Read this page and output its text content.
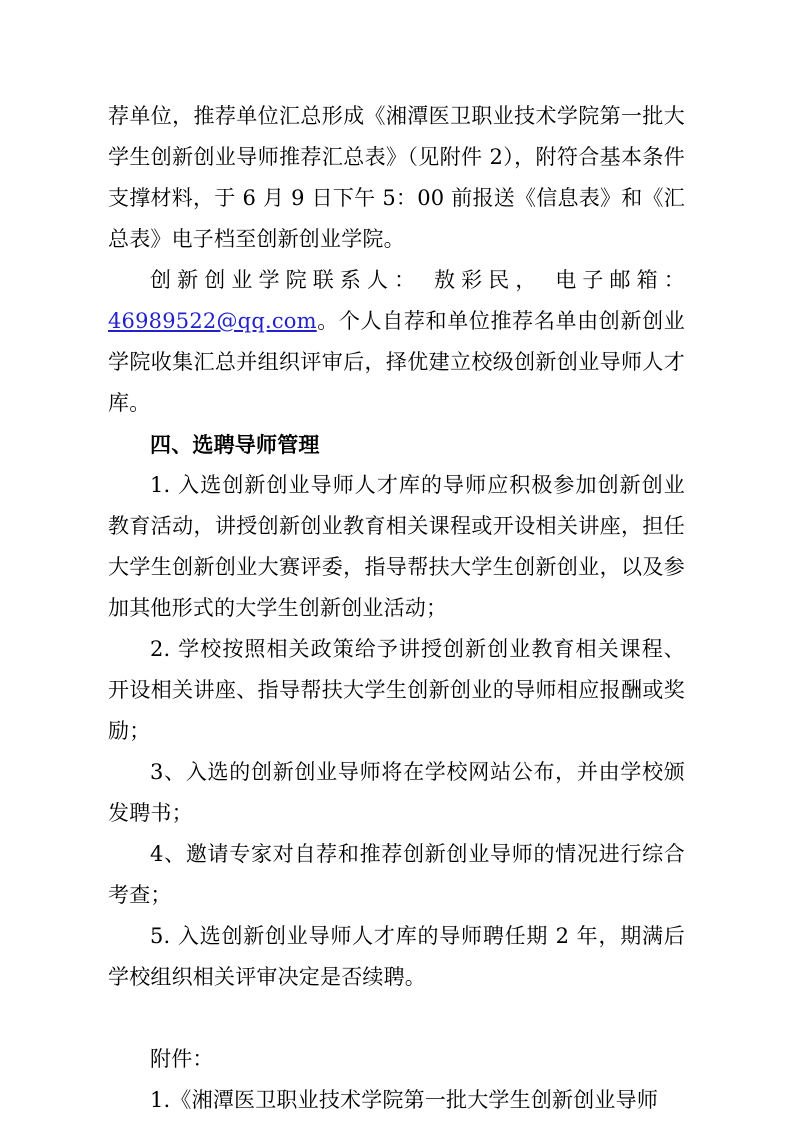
荐单位，推荐单位汇总形成《湘潭医卫职业技术学院第一批大学生创新创业导师推荐汇总表》（见附件 2），附符合基本条件支撑材料，于 6 月 9 日下午 5：00 前报送《信息表》和《汇总表》电子档至创新创业学院。

创新创业学院联系人： 敖彩民， 电子邮箱：46989522@qq.com。个人自荐和单位推荐名单由创新创业学院收集汇总并组织评审后，择优建立校级创新创业导师人才库。

四、选聘导师管理

1. 入选创新创业导师人才库的导师应积极参加创新创业教育活动，讲授创新创业教育相关课程或开设相关讲座，担任大学生创新创业大赛评委，指导帮扶大学生创新创业，以及参加其他形式的大学生创新创业活动；

2. 学校按照相关政策给予讲授创新创业教育相关课程、开设相关讲座、指导帮扶大学生创新创业的导师相应报酬或奖励；

3、入选的创新创业导师将在学校网站公布，并由学校颁发聘书；

4、邀请专家对自荐和推荐创新创业导师的情况进行综合考查；

5. 入选创新创业导师人才库的导师聘任期 2 年，期满后学校组织相关评审决定是否续聘。

附件：

1.《湘潭医卫职业技术学院第一批大学生创新创业导师
